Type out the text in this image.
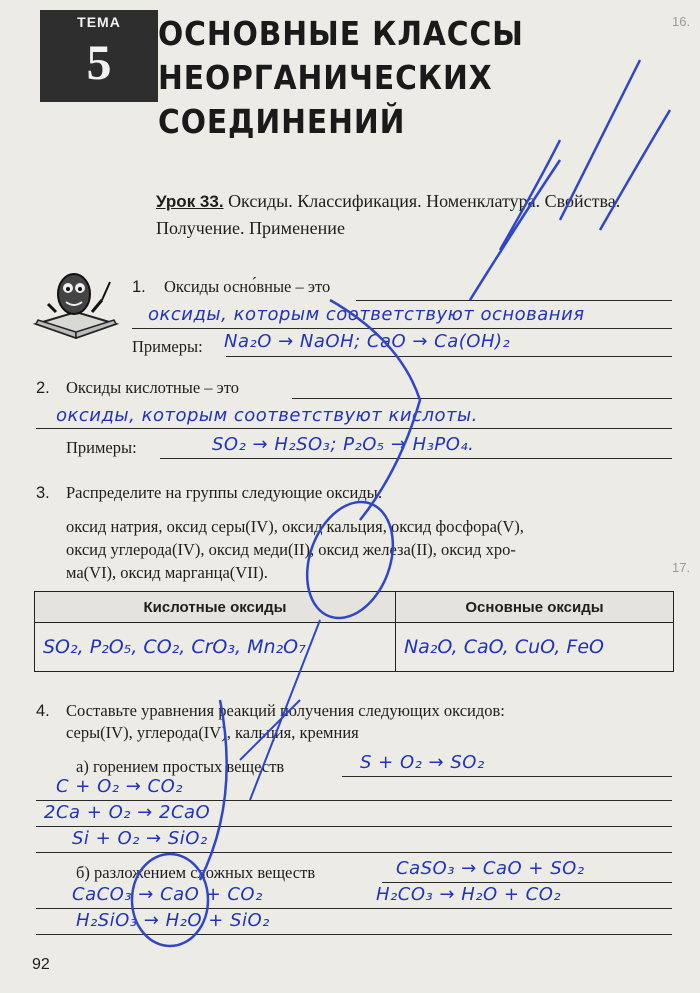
ТЕМА
5
ОСНОВНЫЕ КЛАССЫ
НЕОРГАНИЧЕСКИХ
СОЕДИНЕНИЙ
16.
17.
Урок 33. Оксиды. Классификация. Номенклатура. Свойства. Получение. Применение
1. Оксиды осно́вные – это
оксиды, которым соответствуют основания
Примеры: Na₂O → NaOH; CaO → Ca(OH)₂
2. Оксиды кислотные – это
оксиды, которым соответствуют кислоты.
Примеры:	SO₂ → H₂SO₃; P₂O₅ → H₃PO₄.
3. Распределите на группы следующие оксиды:
оксид натрия, оксид серы(IV), оксид кальция, оксид фосфора(V),
оксид углерода(IV), оксид меди(II), оксид железа(II), оксид хро-
ма(VI), оксид марганца(VII).
Кислотные оксиды	Основные оксиды
SO₂, P₂O₅, CO₂, CrO₃, Mn₂O₇	Na₂O, CaO, CuO, FeO
4. Составьте уравнения реакций получения следующих оксидов:
серы(IV), углерода(IV), кальция, кремния
а) горением простых веществ	S + O₂ → SO₂
C + O₂ → CO₂
2Ca + O₂ → 2CaO
Si + O₂ → SiO₂
б) разложением сложных веществ	CaSO₃ → CaO + SO₂
CaCO₃ → CaO + CO₂	H₂CO₃ → H₂O + CO₂
H₂SiO₃ → H₂O + SiO₂
92
